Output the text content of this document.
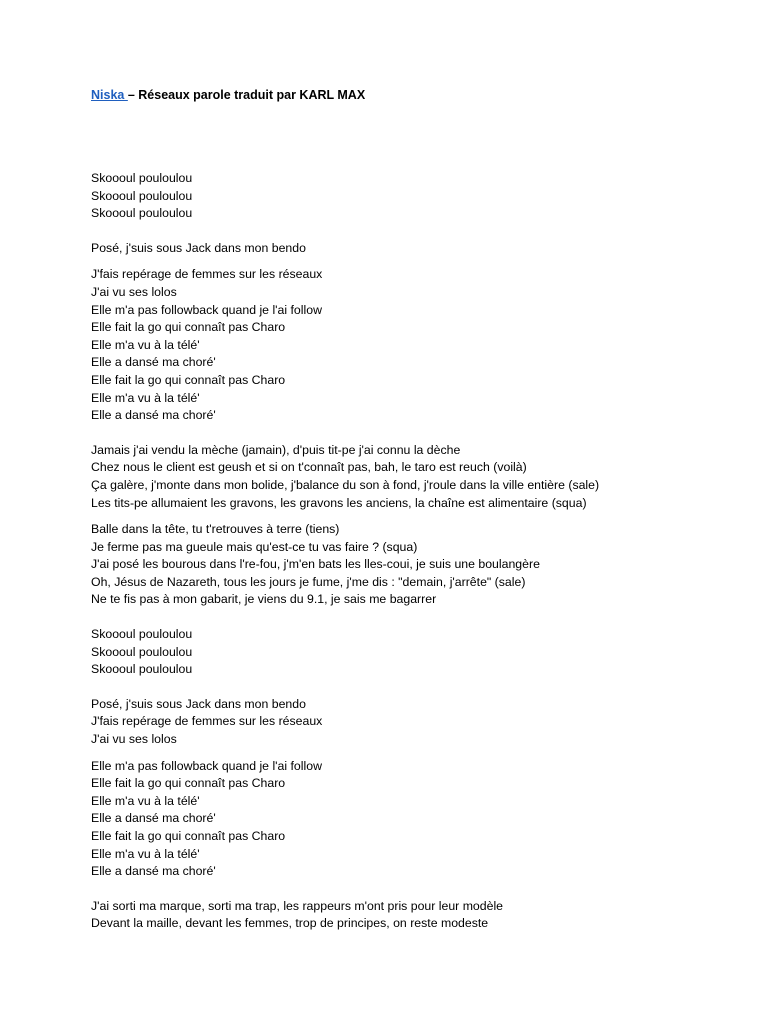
Niska – Réseaux parole traduit par KARL MAX
Skoooul pouloulou
Skoooul pouloulou
Skoooul pouloulou
Posé, j'suis sous Jack dans mon bendo
J'fais repérage de femmes sur les réseaux
J'ai vu ses lolos
Elle m'a pas followback quand je l'ai follow
Elle fait la go qui connaît pas Charo
Elle m'a vu à la télé'
Elle a dansé ma choré'
Elle fait la go qui connaît pas Charo
Elle m'a vu à la télé'
Elle a dansé ma choré'
Jamais j'ai vendu la mèche (jamain), d'puis tit-pe j'ai connu la dèche
Chez nous le client est geush et si on t'connaît pas, bah, le taro est reuch (voilà)
Ça galère, j'monte dans mon bolide, j'balance du son à fond, j'roule dans la ville entière (sale)
Les tits-pe allumaient les gravons, les gravons les anciens, la chaîne est alimentaire (squa)
Balle dans la tête, tu t'retrouves à terre (tiens)
Je ferme pas ma gueule mais qu'est-ce tu vas faire ? (squa)
J'ai posé les bourous dans l're-fou, j'm'en bats les lles-coui, je suis une boulangère
Oh, Jésus de Nazareth, tous les jours je fume, j'me dis : "demain, j'arrête" (sale)
Ne te fis pas à mon gabarit, je viens du 9.1, je sais me bagarrer
Skoooul pouloulou
Skoooul pouloulou
Skoooul pouloulou
Posé, j'suis sous Jack dans mon bendo
J'fais repérage de femmes sur les réseaux
J'ai vu ses lolos
Elle m'a pas followback quand je l'ai follow
Elle fait la go qui connaît pas Charo
Elle m'a vu à la télé'
Elle a dansé ma choré'
Elle fait la go qui connaît pas Charo
Elle m'a vu à la télé'
Elle a dansé ma choré'
J'ai sorti ma marque, sorti ma trap, les rappeurs m'ont pris pour leur modèle
Devant la maille, devant les femmes, trop de principes, on reste modeste
